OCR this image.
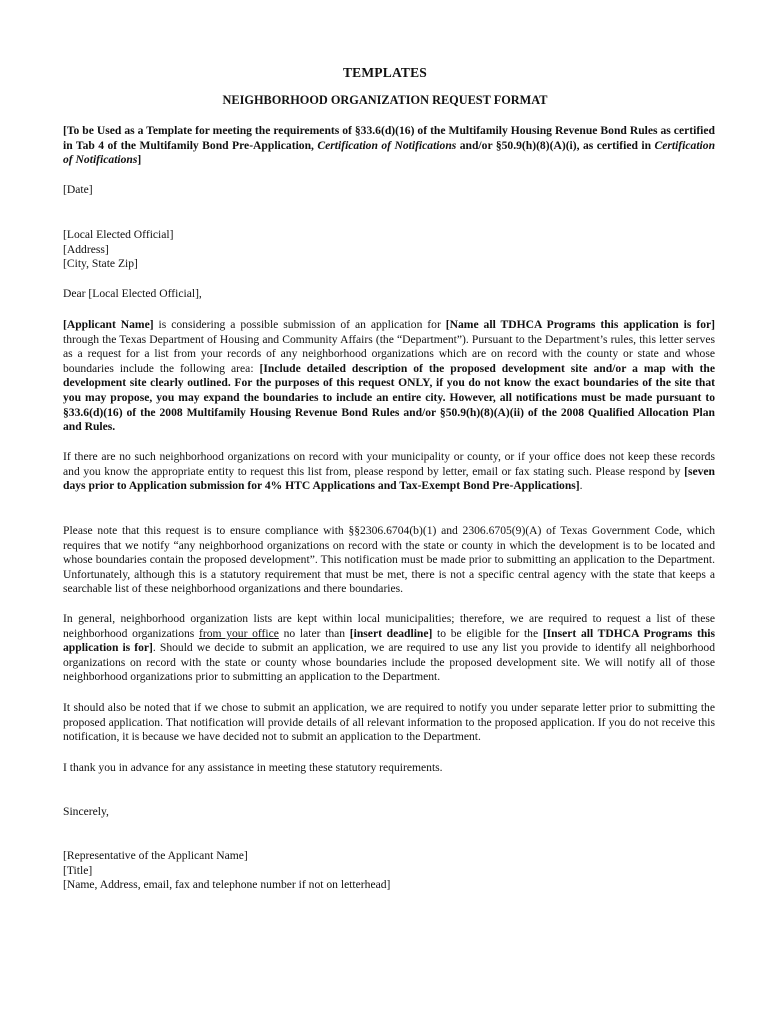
TEMPLATES
NEIGHBORHOOD ORGANIZATION REQUEST FORMAT

[To be Used as a Template for meeting the requirements of §33.6(d)(16) of the Multifamily Housing Revenue Bond Rules as certified in Tab 4 of the Multifamily Bond Pre-Application, Certification of Notifications and/or §50.9(h)(8)(A)(i), as certified in Certification of Notifications]

[Date]

[Local Elected Official]
[Address]
[City, State Zip]

Dear [Local Elected Official],

[Applicant Name] is considering a possible submission of an application for [Name all TDHCA Programs this application is for] through the Texas Department of Housing and Community Affairs (the “Department”). Pursuant to the Department’s rules, this letter serves as a request for a list from your records of any neighborhood organizations which are on record with the county or state and whose boundaries include the following area: [Include detailed description of the proposed development site and/or a map with the development site clearly outlined. For the purposes of this request ONLY, if you do not know the exact boundaries of the site that you may propose, you may expand the boundaries to include an entire city. However, all notifications must be made pursuant to §33.6(d)(16) of the 2008 Multifamily Housing Revenue Bond Rules and/or §50.9(h)(8)(A)(ii) of the 2008 Qualified Allocation Plan and Rules.

If there are no such neighborhood organizations on record with your municipality or county, or if your office does not keep these records and you know the appropriate entity to request this list from, please respond by letter, email or fax stating such. Please respond by [seven days prior to Application submission for 4% HTC Applications and Tax-Exempt Bond Pre-Applications].

Please note that this request is to ensure compliance with §§2306.6704(b)(1) and 2306.6705(9)(A) of Texas Government Code, which requires that we notify “any neighborhood organizations on record with the state or county in which the development is to be located and whose boundaries contain the proposed development”. This notification must be made prior to submitting an application to the Department. Unfortunately, although this is a statutory requirement that must be met, there is not a specific central agency with the state that keeps a searchable list of these neighborhood organizations and there boundaries.

In general, neighborhood organization lists are kept within local municipalities; therefore, we are required to request a list of these neighborhood organizations from your office no later than [insert deadline] to be eligible for the [Insert all TDHCA Programs this application is for]. Should we decide to submit an application, we are required to use any list you provide to identify all neighborhood organizations on record with the state or county whose boundaries include the proposed development site. We will notify all of those neighborhood organizations prior to submitting an application to the Department.

It should also be noted that if we chose to submit an application, we are required to notify you under separate letter prior to submitting the proposed application. That notification will provide details of all relevant information to the proposed application. If you do not receive this notification, it is because we have decided not to submit an application to the Department.

I thank you in advance for any assistance in meeting these statutory requirements.

Sincerely,

[Representative of the Applicant Name]
[Title]
[Name, Address, email, fax and telephone number if not on letterhead]
